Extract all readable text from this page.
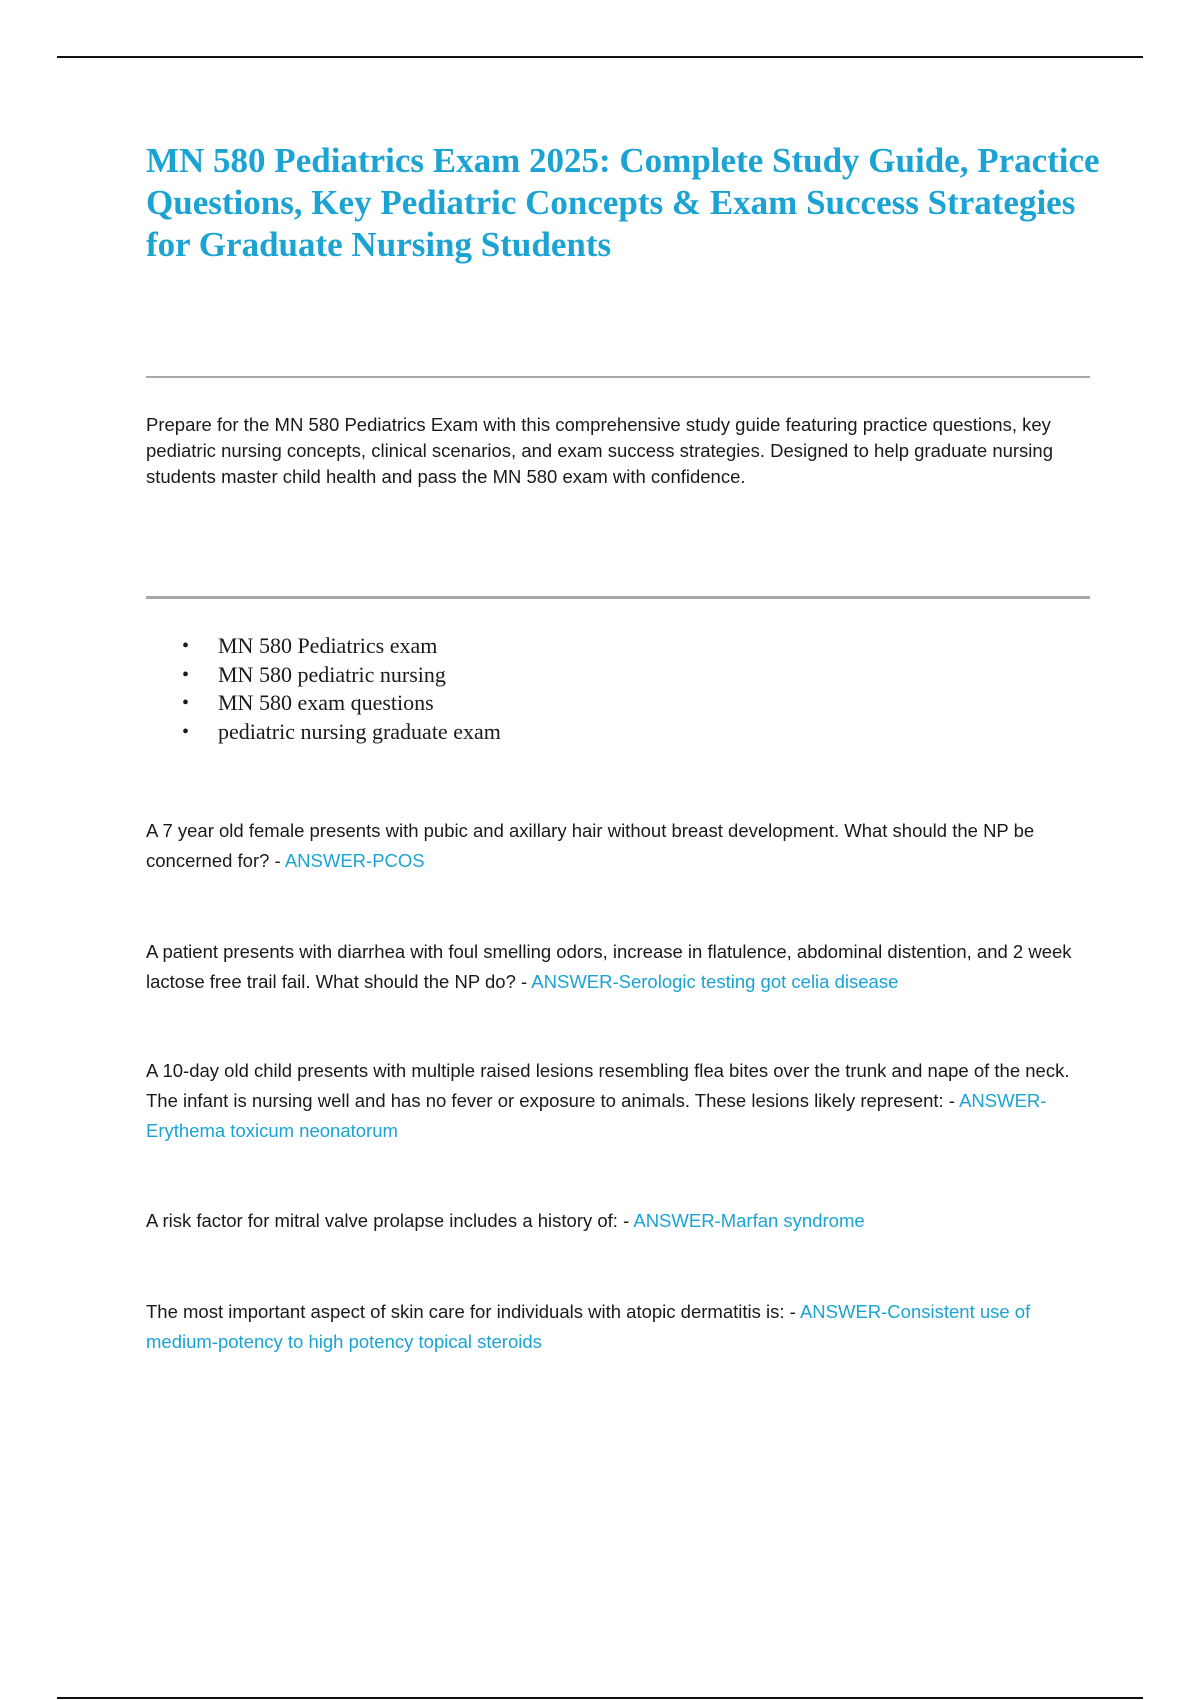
MN 580 Pediatrics Exam 2025: Complete Study Guide, Practice Questions, Key Pediatric Concepts & Exam Success Strategies for Graduate Nursing Students

Prepare for the MN 580 Pediatrics Exam with this comprehensive study guide featuring practice questions, key pediatric nursing concepts, clinical scenarios, and exam success strategies. Designed to help graduate nursing students master child health and pass the MN 580 exam with confidence.

• MN 580 Pediatrics exam
• MN 580 pediatric nursing
• MN 580 exam questions
• pediatric nursing graduate exam

A 7 year old female presents with pubic and axillary hair without breast development. What should the NP be concerned for? - ANSWER-PCOS

A patient presents with diarrhea with foul smelling odors, increase in flatulence, abdominal distention, and 2 week lactose free trail fail. What should the NP do? - ANSWER-Serologic testing got celia disease

A 10-day old child presents with multiple raised lesions resembling flea bites over the trunk and nape of the neck. The infant is nursing well and has no fever or exposure to animals. These lesions likely represent: - ANSWER-Erythema toxicum neonatorum

A risk factor for mitral valve prolapse includes a history of: - ANSWER-Marfan syndrome

The most important aspect of skin care for individuals with atopic dermatitis is: - ANSWER-Consistent use of medium-potency to high potency topical steroids
